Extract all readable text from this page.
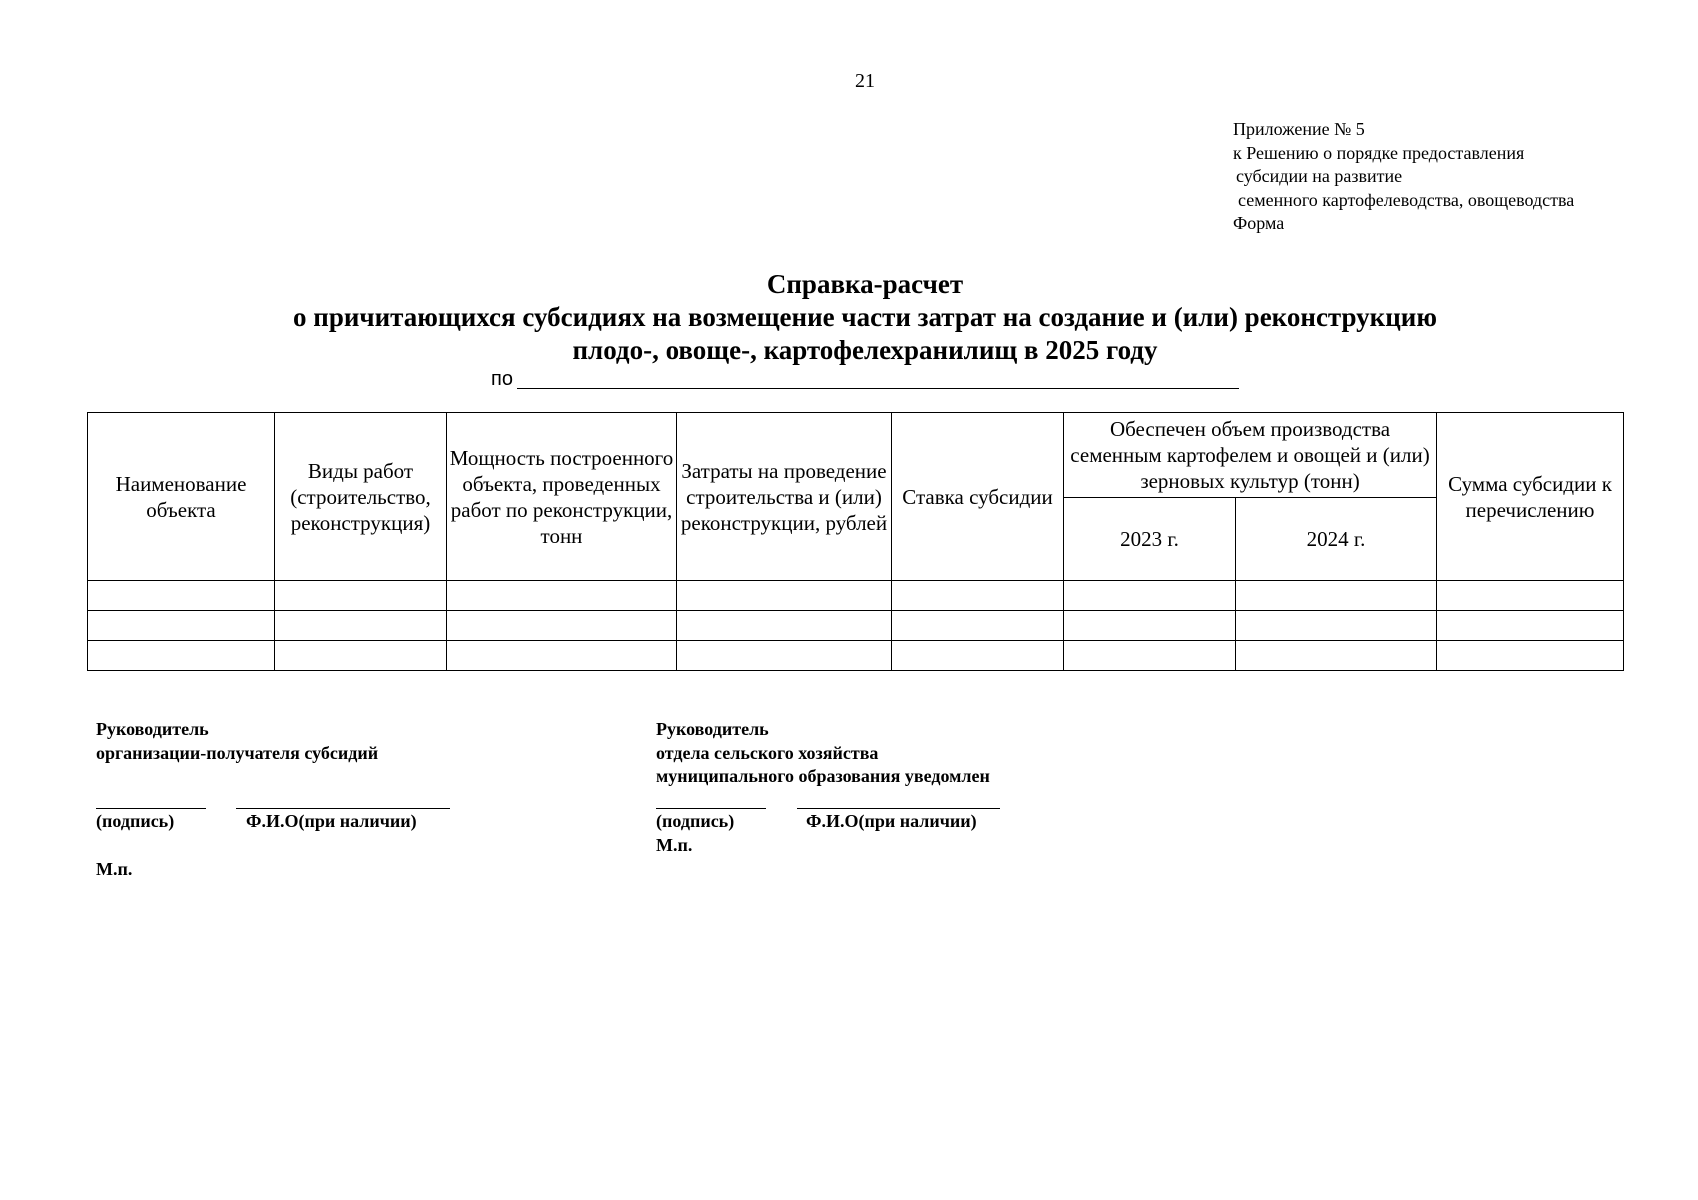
21
Приложение № 5
к Решению о порядке предоставления
субсидии на развитие
семенного картофелеводства, овощеводства
Форма
Справка-расчет
о причитающихся субсидиях на возмещение части затрат на создание и (или) реконструкцию
плодо-, овоще-, картофелехранилищ в 2025 году
по
Наименование объекта	Виды работ (строительство, реконструкция)	Мощность построенного объекта, проведенных работ по реконструкции, тонн	Затраты на проведение строительства и (или) реконструкции, рублей	Ставка субсидии	Обеспечен объем производства семенным картофелем и овощей и (или) зерновых культур (тонн)		Сумма субсидии к перечислению
					2023 г.	2024 г.	

Руководитель
организации-получателя субсидий
(подпись)	Ф.И.О(при наличии)
М.п.
Руководитель
отдела сельского хозяйства
муниципального образования уведомлен
(подпись)	Ф.И.О(при наличии)
М.п.
